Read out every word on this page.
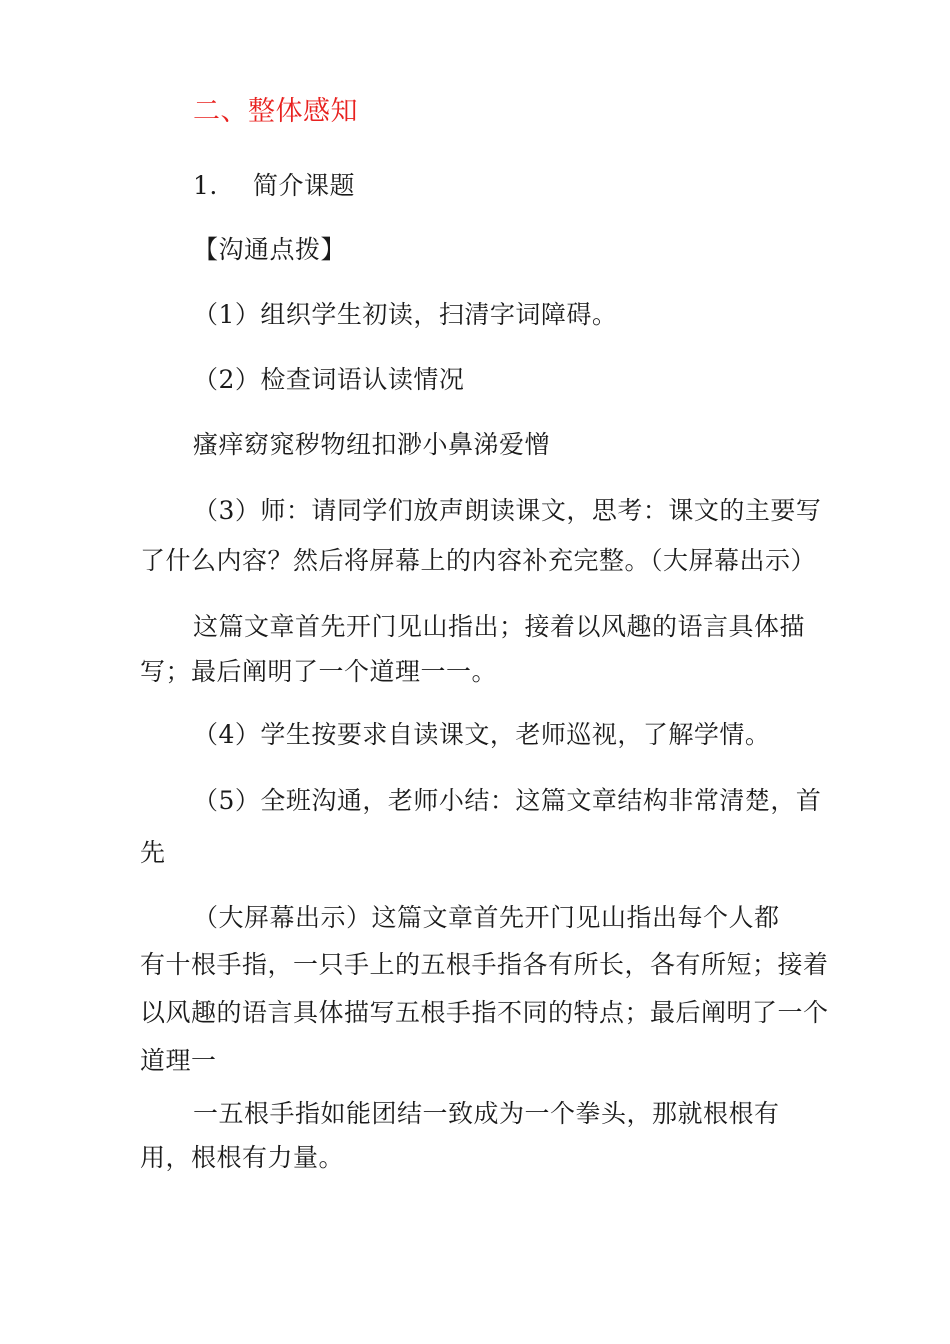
二、整体感知
1. 简介课题
【沟通点拨】
（1）组织学生初读，扫清字词障碍。
（2）检查词语认读情况
瘙痒窈窕秽物纽扣渺小鼻涕爱憎
（3）师：请同学们放声朗读课文，思考：课文的主要写
了什么内容？然后将屏幕上的内容补充完整。（大屏幕出示）
这篇文章首先开门见山指出；接着以风趣的语言具体描
写；最后阐明了一个道理一一。
（4）学生按要求自读课文，老师巡视，了解学情。
（5）全班沟通，老师小结：这篇文章结构非常清楚，首
先
（大屏幕出示）这篇文章首先开门见山指出每个人都
有十根手指，一只手上的五根手指各有所长，各有所短；接着
以风趣的语言具体描写五根手指不同的特点；最后阐明了一个
道理一
一五根手指如能团结一致成为一个拳头，那就根根有
用，根根有力量。
